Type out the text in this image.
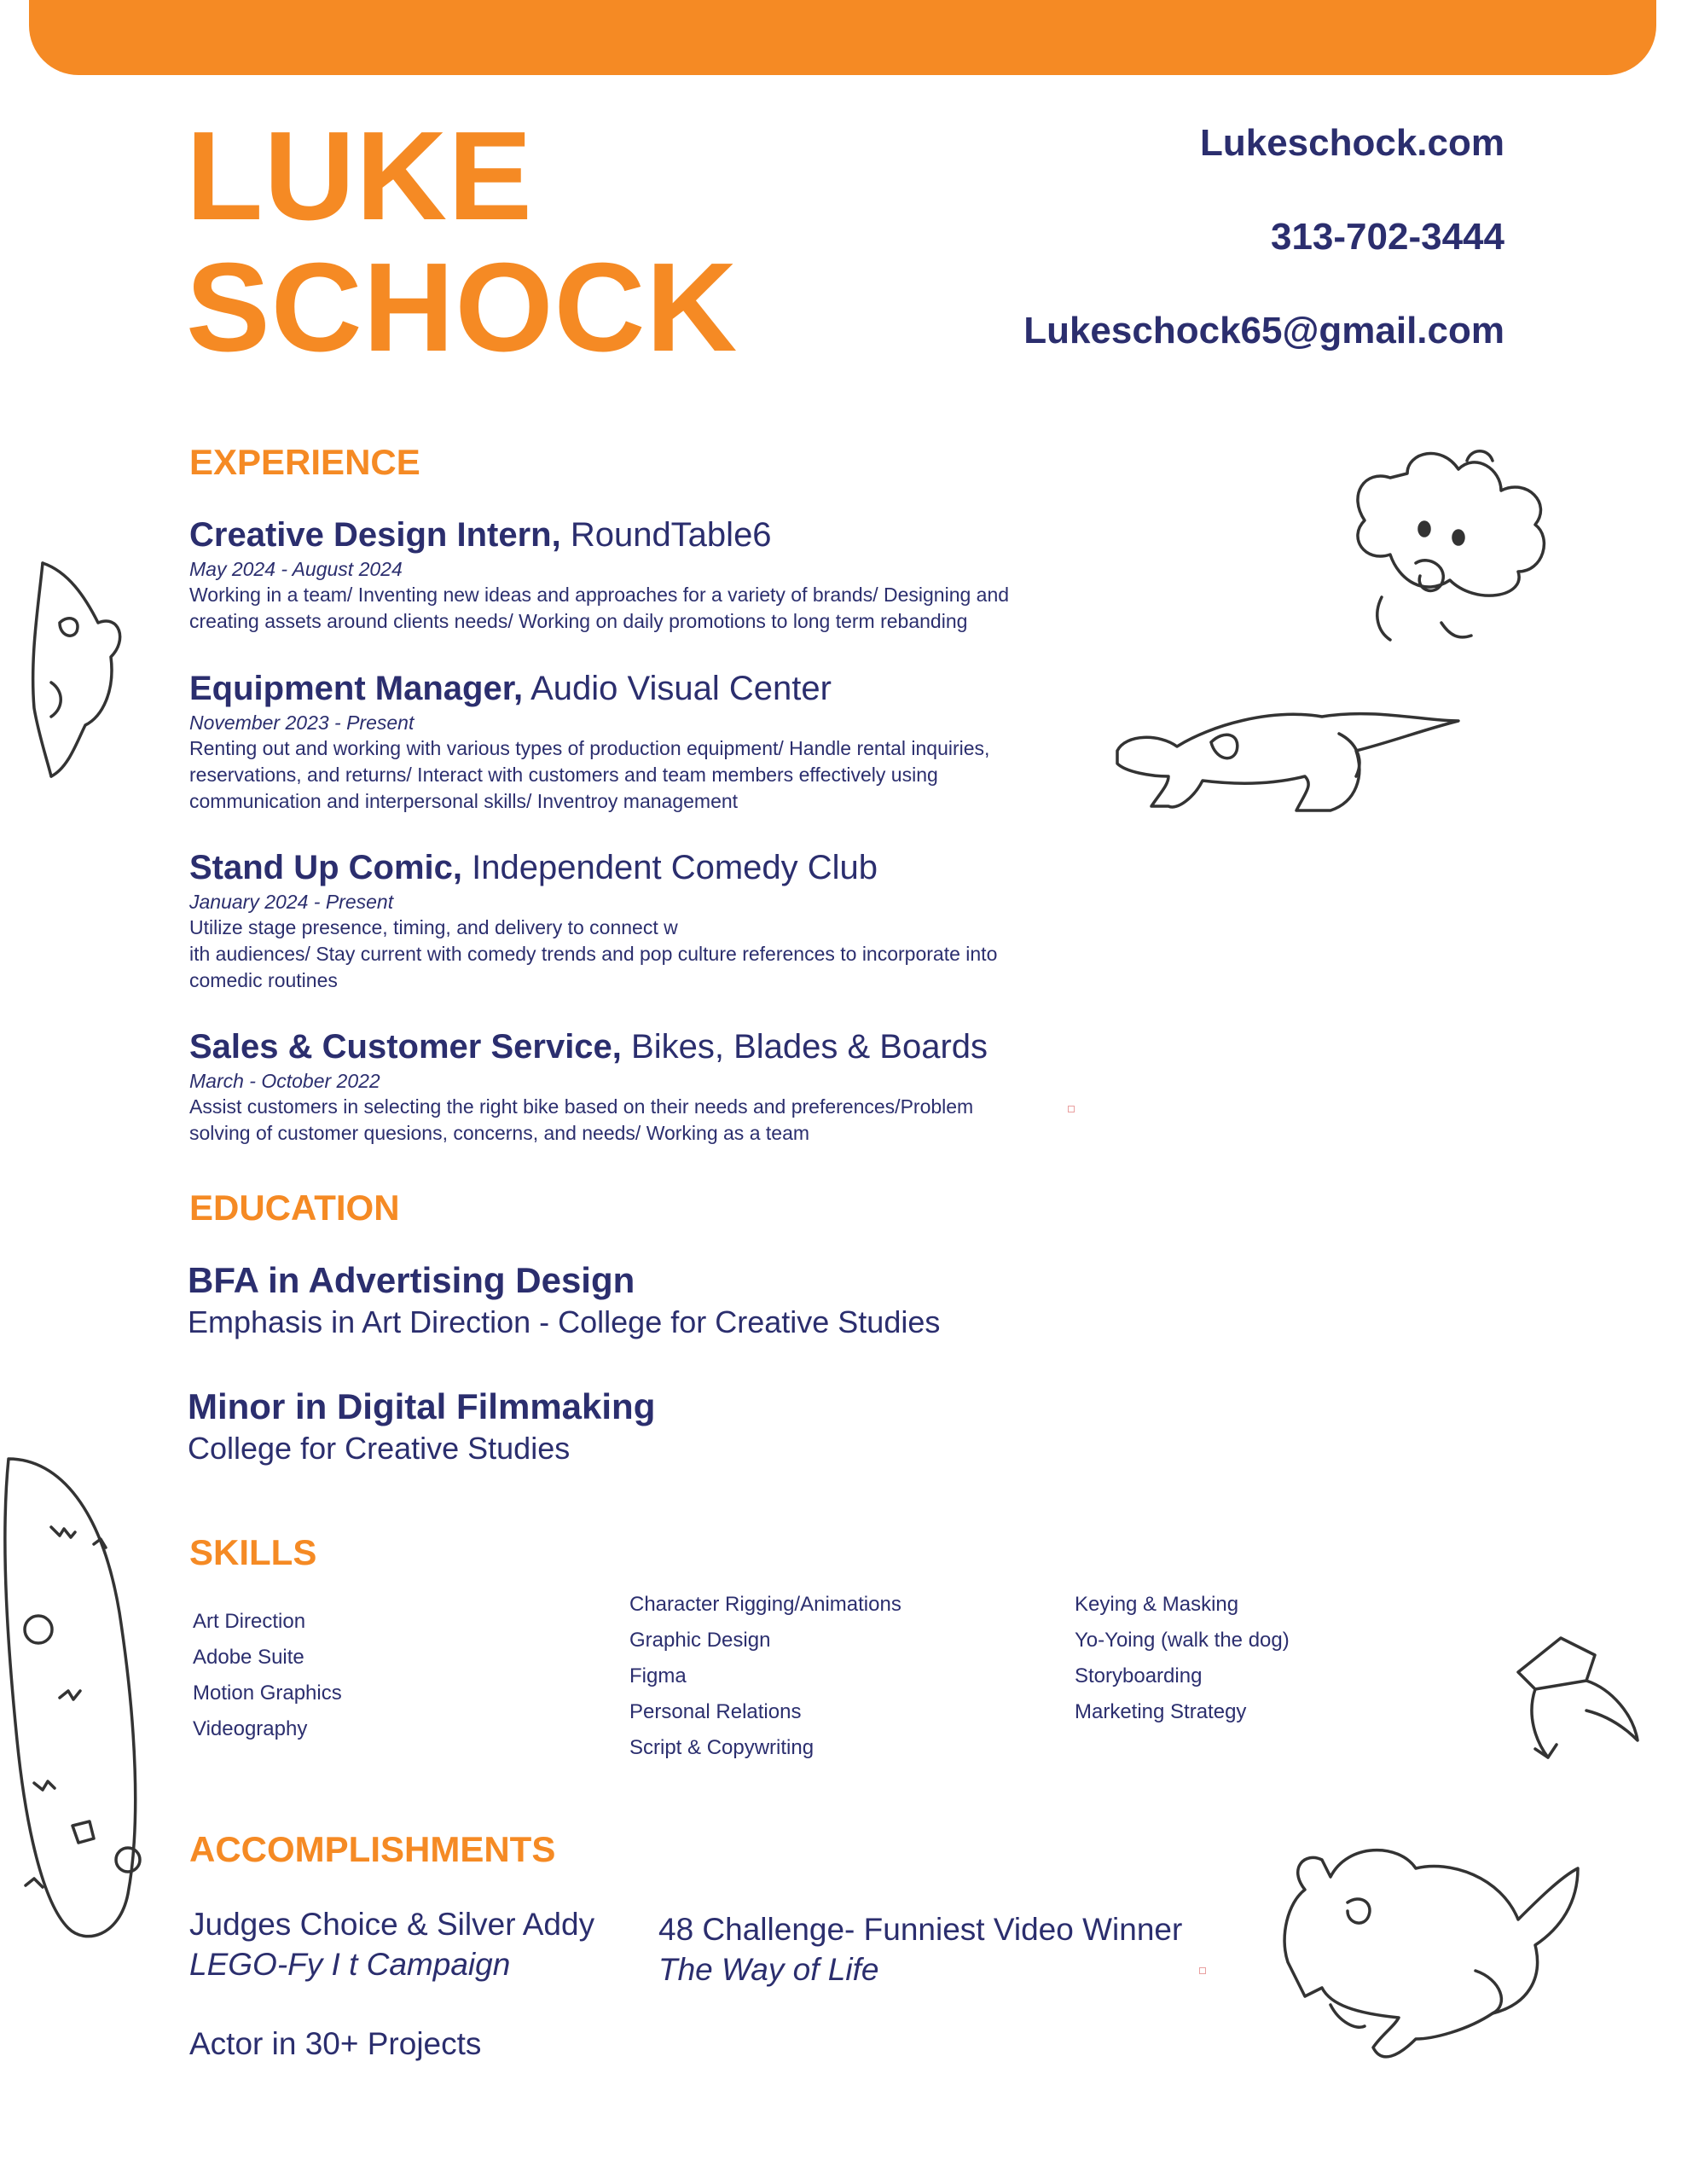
LUKE
SCHOCK
Lukeschock.com
313-702-3444
Lukeschock65@gmail.com
EXPERIENCE
Creative Design Intern, RoundTable6
May 2024 - August 2024
Working in a team/ Inventing new ideas and approaches for a variety of brands/ Designing and
creating assets around clients needs/ Working on daily promotions to long term rebanding
Equipment Manager, Audio Visual Center
November 2023 - Present
Renting out and working with various types of production equipment/ Handle rental inquiries,
reservations, and returns/ Interact with customers and team members effectively using
communication and interpersonal skills/ Inventroy management
Stand Up Comic, Independent Comedy Club
January 2024 - Present
Utilize stage presence, timing, and delivery to connect w
ith audiences/ Stay current with comedy trends and pop culture references to incorporate into
comedic routines
Sales & Customer Service, Bikes, Blades & Boards
March - October 2022
Assist customers in selecting the right bike based on their needs and preferences/Problem
solving of customer quesions, concerns, and needs/ Working as a team
EDUCATION
BFA in Advertising Design
Emphasis in Art Direction - College for Creative Studies
Minor in Digital Filmmaking
College for Creative Studies
SKILLS
Art Direction
Adobe Suite
Motion Graphics
Videography
Character Rigging/Animations
Graphic Design
Figma
Personal Relations
Script & Copywriting
Keying & Masking
Yo-Yoing (walk the dog)
Storyboarding
Marketing Strategy
ACCOMPLISHMENTS
Judges Choice & Silver Addy
LEGO-Fy I t Campaign
48 Challenge- Funniest Video Winner
The Way of Life
Actor in 30+ Projects
